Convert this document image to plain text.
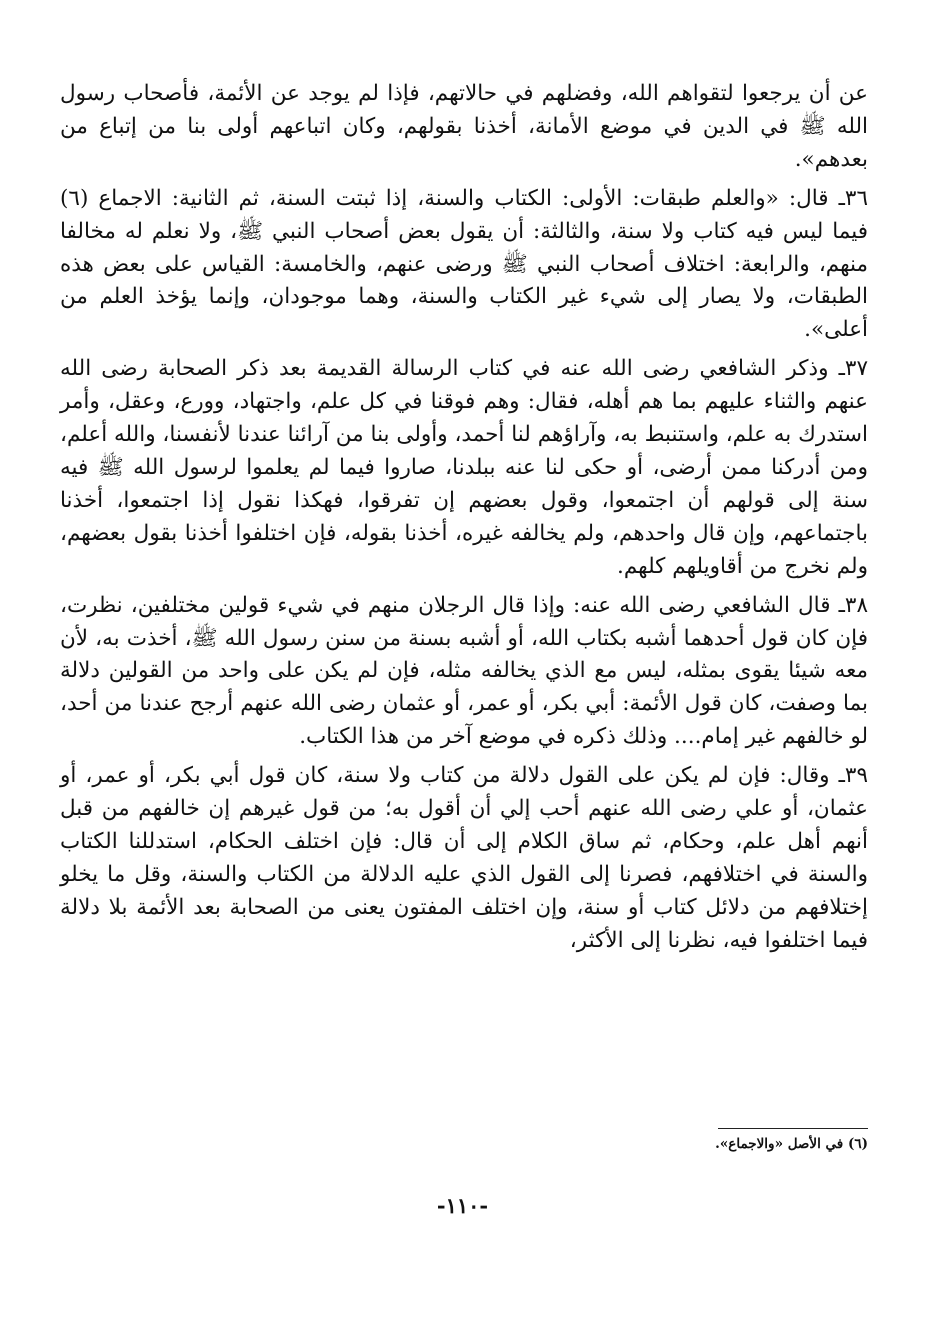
عن أن يرجعوا لتقواهم الله، وفضلهم في حالاتهم، فإذا لم يوجد عن الأئمة، فأصحاب رسول الله ﷺ في الدين في موضع الأمانة، أخذنا بقولهم، وكان اتباعهم أولى بنا من إتباع من بعدهم».

٣٦ـ قال: «والعلم طبقات: الأولى: الكتاب والسنة، إذا ثبتت السنة، ثم الثانية: الاجماع (٦) فيما ليس فيه كتاب ولا سنة، والثالثة: أن يقول بعض أصحاب النبي ﷺ، ولا نعلم له مخالفا منهم، والرابعة: اختلاف أصحاب النبي ﷺ ورضى عنهم، والخامسة: القياس على بعض هذه الطبقات، ولا يصار إلى شيء غير الكتاب والسنة، وهما موجودان، وإنما يؤخذ العلم من أعلى».

٣٧ـ وذكر الشافعي رضى الله عنه في كتاب الرسالة القديمة بعد ذكر الصحابة رضى الله عنهم والثناء عليهم بما هم أهله، فقال: وهم فوقنا في كل علم، واجتهاد، وورع، وعقل، وأمر استدرك به علم، واستنبط به، وآراؤهم لنا أحمد، وأولى بنا من آرائنا عندنا لأنفسنا، والله أعلم، ومن أدركنا ممن أرضى، أو حكى لنا عنه ببلدنا، صاروا فيما لم يعلموا لرسول الله ﷺ فيه سنة إلى قولهم أن اجتمعوا، وقول بعضهم إن تفرقوا، فهكذا نقول إذا اجتمعوا، أخذنا باجتماعهم، وإن قال واحدهم، ولم يخالفه غيره، أخذنا بقوله، فإن اختلفوا أخذنا بقول بعضهم، ولم نخرج من أقاويلهم كلهم.

٣٨ـ قال الشافعي رضى الله عنه: وإذا قال الرجلان منهم في شيء قولين مختلفين، نظرت، فإن كان قول أحدهما أشبه بكتاب الله، أو أشبه بسنة من سنن رسول الله ﷺ، أخذت به، لأن معه شيئا يقوى بمثله، ليس مع الذي يخالفه مثله، فإن لم يكن على واحد من القولين دلالة بما وصفت، كان قول الأئمة: أبي بكر، أو عمر، أو عثمان رضى الله عنهم أرجح عندنا من أحد، لو خالفهم غير إمام.... وذلك ذكره في موضع آخر من هذا الكتاب.

٣٩ـ وقال: فإن لم يكن على القول دلالة من كتاب ولا سنة، كان قول أبي بكر، أو عمر، أو عثمان، أو علي رضى الله عنهم أحب إلي أن أقول به؛ من قول غيرهم إن خالفهم من قبل أنهم أهل علم، وحكام، ثم ساق الكلام إلى أن قال: فإن اختلف الحكام، استدللنا الكتاب والسنة في اختلافهم، فصرنا إلى القول الذي عليه الدلالة من الكتاب والسنة، وقل ما يخلو إختلافهم من دلائل كتاب أو سنة، وإن اختلف المفتون يعنى من الصحابة بعد الأئمة بلا دلالة فيما اختلفوا فيه، نظرنا إلى الأكثر،

(٦) في الأصل «والاجماع».
-١١٠-
